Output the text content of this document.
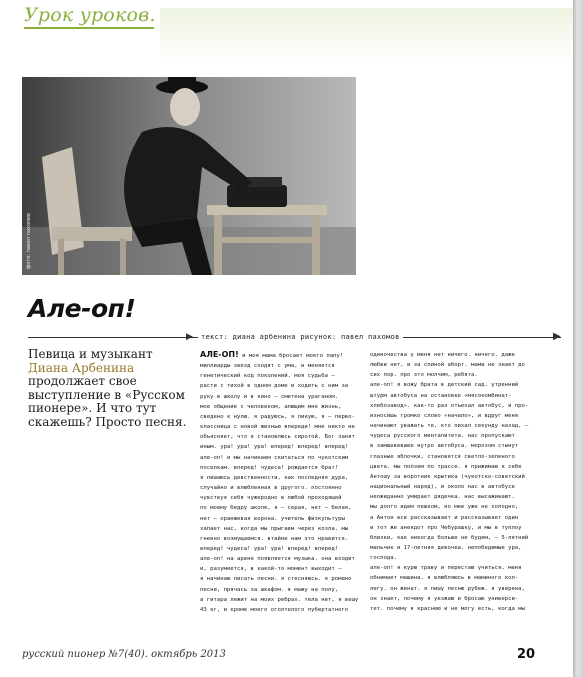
Урок уроков.
фото: павел пахомов
Але-оп!
▶	текст: диана арбенина рисунок: павел пахомов	▶
Певица и музыкант
Диана Арбенина
продолжает свое выступление в «Русском пионере». И что тут скажешь? Просто песня.

АЛЕ-ОП! и моя мама бросает моего папу!

миллиарды звезд сходят с ума, и меняется

генетический код поколений. моя судьба —

расти с тихой в одном доме и ходить с ним за

руку в школу и в кино — сметена ураганом.

мое общение с человеком, алющим мне жизнь,

сведено к нулю. я радуюсь, я ликую, я — перво-

классница с новой жизнью впереди! мне никто не

объясняет, что я становлюсь сиротой. Бог занят

иным. ура! ура! ура! вперед! вперед! вперед!

але-оп! и мы начинаем скитаться по чукотским

поселкам. вперед! чудеса! рождается брат!

я лишаюсь девственности, как последняя дура,

случайно и влюбленная в другого. постоянно

чувствуя себя чужеродно в любой проходящей

по моему бедру школе, я — серая, нет — белая,

нет — оранжевая ворона. учитель физкультуры

хапает нас, когда мы прыгаем через козла. мы

гневно возмущаемся. втайне нам это нравится.

вперед! чудеса! ура! ура! вперед! вперед!

але-оп! на арене появляется музыка. она входит

и, разумеется, в какой-то момент выходит —

я начинаю писать песни. я стесняюсь. я романо

песни, прячась за шкафом. я мажу на полу,

а гитара лежит на моих ребрах. тела нет, я вешу

43 кг, и кроме моего оголтелого пубертатного

одиночества у меня нет ничего. ничего. даже

любви нет, и за спиной аборт. мама не знает до

сих пор. про это молчим, ребята.

але-оп! я вожу брата в детский сад. утренний

штурм автобуса на остановке «мясокомбинат-

хлебозавод». как-то раз отъехал автобус, и про-

износишь громко слово «начало», и вдруг меня

начинают уважать те, кто пихал секунду назад, —

чудеса русского менталитета. нас пропускают

в замшевевшее нутро автобуса. морозом стынут

глазные яблочки, становятся светло-зеленого

цвета. мы ползем по трассе. я прижимаю к себе

Антошу за воротник крытика (чукотско-советский

национальный наряд), и около нас в автобусе

неожиданно умирает дядечка. нас высаживают.

мы долго идем пешком, но мне уже не холодно,

а Антон все рассказывает и рассказывает один

и тот же анекдот про Чебурашку, и мы в туплоу

близки, как никогда больше не будем, — 5-летний

мальчик и 17-летняя девочка. непобедимые ура,

господа.

але-оп! я курю траву и перестаю учиться, меня

обнимает машина. я влюбляюсь в маминого кол-

легу. он женат. я пишу песню рубеж. я уверена,

он знает, почему я уезжаю и бросаю универси-

тет. почему я краснею и не могу есть, когда мы

русский пионер №7(40). октябрь 2013	20
